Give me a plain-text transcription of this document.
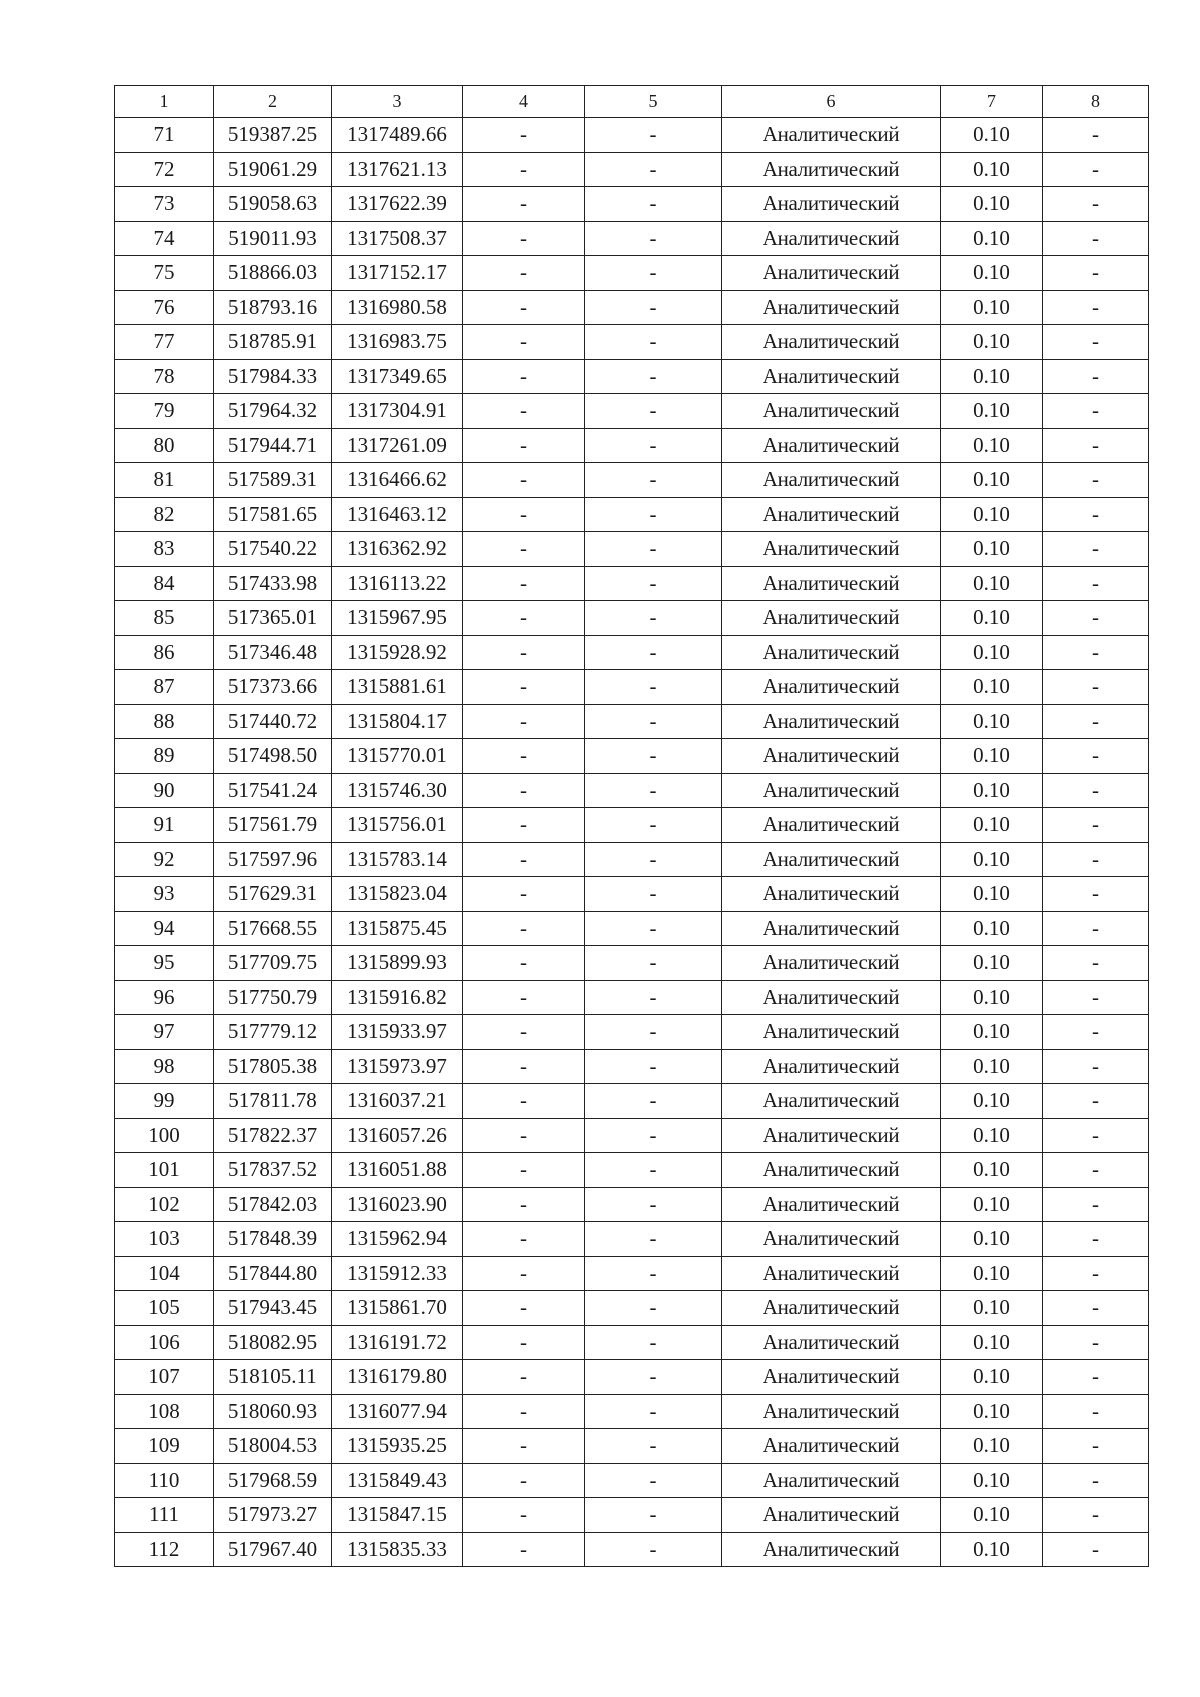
1	2	3	4	5	6	7	8
71	519387.25	1317489.66	-	-	Аналитический	0.10	-
72	519061.29	1317621.13	-	-	Аналитический	0.10	-
73	519058.63	1317622.39	-	-	Аналитический	0.10	-
74	519011.93	1317508.37	-	-	Аналитический	0.10	-
75	518866.03	1317152.17	-	-	Аналитический	0.10	-
76	518793.16	1316980.58	-	-	Аналитический	0.10	-
77	518785.91	1316983.75	-	-	Аналитический	0.10	-
78	517984.33	1317349.65	-	-	Аналитический	0.10	-
79	517964.32	1317304.91	-	-	Аналитический	0.10	-
80	517944.71	1317261.09	-	-	Аналитический	0.10	-
81	517589.31	1316466.62	-	-	Аналитический	0.10	-
82	517581.65	1316463.12	-	-	Аналитический	0.10	-
83	517540.22	1316362.92	-	-	Аналитический	0.10	-
84	517433.98	1316113.22	-	-	Аналитический	0.10	-
85	517365.01	1315967.95	-	-	Аналитический	0.10	-
86	517346.48	1315928.92	-	-	Аналитический	0.10	-
87	517373.66	1315881.61	-	-	Аналитический	0.10	-
88	517440.72	1315804.17	-	-	Аналитический	0.10	-
89	517498.50	1315770.01	-	-	Аналитический	0.10	-
90	517541.24	1315746.30	-	-	Аналитический	0.10	-
91	517561.79	1315756.01	-	-	Аналитический	0.10	-
92	517597.96	1315783.14	-	-	Аналитический	0.10	-
93	517629.31	1315823.04	-	-	Аналитический	0.10	-
94	517668.55	1315875.45	-	-	Аналитический	0.10	-
95	517709.75	1315899.93	-	-	Аналитический	0.10	-
96	517750.79	1315916.82	-	-	Аналитический	0.10	-
97	517779.12	1315933.97	-	-	Аналитический	0.10	-
98	517805.38	1315973.97	-	-	Аналитический	0.10	-
99	517811.78	1316037.21	-	-	Аналитический	0.10	-
100	517822.37	1316057.26	-	-	Аналитический	0.10	-
101	517837.52	1316051.88	-	-	Аналитический	0.10	-
102	517842.03	1316023.90	-	-	Аналитический	0.10	-
103	517848.39	1315962.94	-	-	Аналитический	0.10	-
104	517844.80	1315912.33	-	-	Аналитический	0.10	-
105	517943.45	1315861.70	-	-	Аналитический	0.10	-
106	518082.95	1316191.72	-	-	Аналитический	0.10	-
107	518105.11	1316179.80	-	-	Аналитический	0.10	-
108	518060.93	1316077.94	-	-	Аналитический	0.10	-
109	518004.53	1315935.25	-	-	Аналитический	0.10	-
110	517968.59	1315849.43	-	-	Аналитический	0.10	-
111	517973.27	1315847.15	-	-	Аналитический	0.10	-
112	517967.40	1315835.33	-	-	Аналитический	0.10	-
